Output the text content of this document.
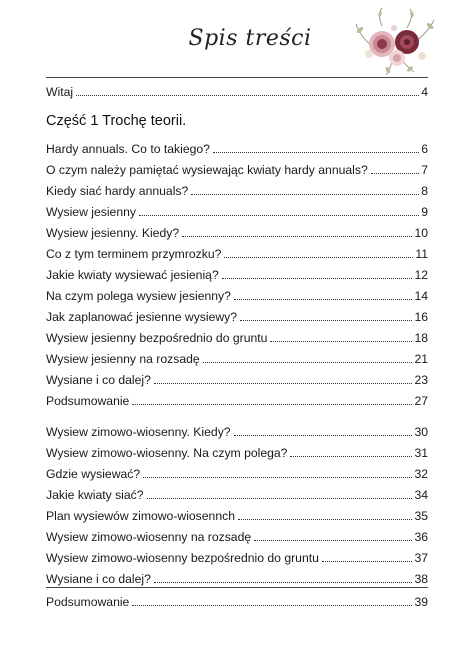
Spis treści
Witaj	4
Część 1 Trochę teorii.
Hardy annuals. Co to takiego?	6
O czym należy pamiętać wysiewając kwiaty hardy annuals?	7
Kiedy siać hardy annuals?	8
Wysiew jesienny	9
Wysiew jesienny. Kiedy?	10
Co z tym terminem przymrozku?	11
Jakie kwiaty wysiewać jesienią?	12
Na czym polega wysiew jesienny?	14
Jak zaplanować jesienne wysiewy?	16
Wysiew jesienny bezpośrednio do gruntu	18
Wysiew jesienny na rozsadę	21
Wysiane i co dalej?	23
Podsumowanie	27
Wysiew zimowo-wiosenny. Kiedy?	30
Wysiew zimowo-wiosenny. Na czym polega?	31
Gdzie wysiewać?	32
Jakie kwiaty siać?	34
Plan wysiewów zimowo-wiosennch	35
Wysiew zimowo-wiosenny na rozsadę	36
Wysiew zimowo-wiosenny bezpośrednio do gruntu	37
Wysiane i co dalej?	38
Podsumowanie	39
